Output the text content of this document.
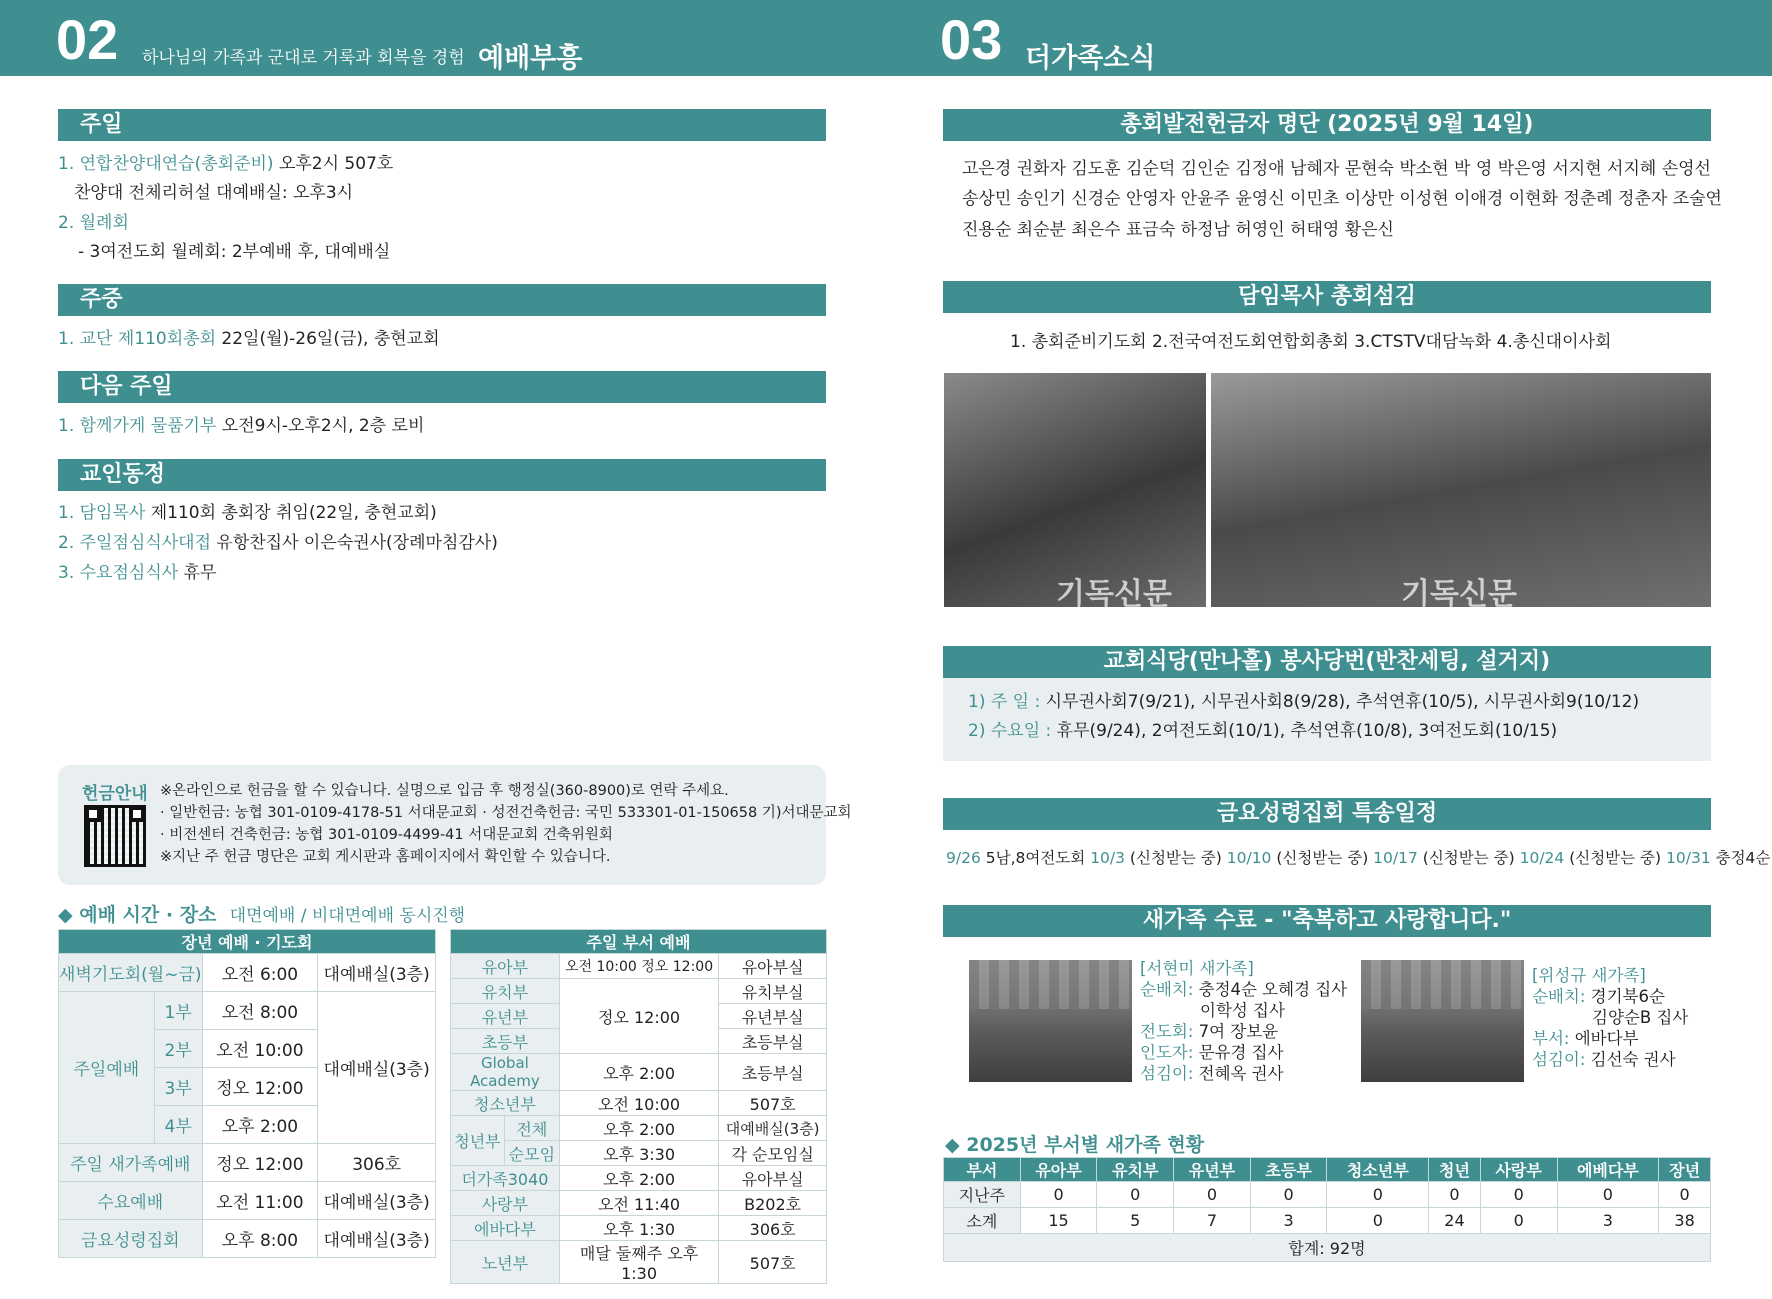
02 하나님의 가족과 군대로 거룩과 회복을 경험 예배부흥	03 더가족소식
주일
1. 연합찬양대연습(총회준비) 오후2시 507호
찬양대 전체리허설 대예배실: 오후3시
2. 월례회
- 3여전도회 월례회: 2부예배 후, 대예배실
주중
1. 교단 제110회총회 22일(월)-26일(금), 충현교회
다음 주일
1. 함께가게 물품기부 오전9시-오후2시, 2층 로비
교인동정
1. 담임목사 제110회 총회장 취임(22일, 충현교회)
2. 주일점심식사대접 유항찬집사 이은숙권사(장례마침감사)
3. 수요점심식사 휴무
헌금안내 ※온라인으로 헌금을 할 수 있습니다. 실명으로 입금 후 행정실(360-8900)로 연락 주세요.
· 일반헌금: 농협 301-0109-4178-51 서대문교회 · 성전건축헌금: 국민 533301-01-150658 기)서대문교회
· 비전센터 건축헌금: 농협 301-0109-4499-41 서대문교회 건축위원회
※지난 주 헌금 명단은 교회 게시판과 홈페이지에서 확인할 수 있습니다.
◆ 예배 시간 · 장소 대면예배 / 비대면예배 동시진행
장년 예배 · 기도회			
새벽기도회(월~금)		오전 6:00	대예배실(3층)
주일예배	1부	오전 8:00	대예배실(3층)
	2부	오전 10:00	
	3부	정오 12:00	
	4부	오후 2:00	
주일 새가족예배		정오 12:00	306호
수요예배		오전 11:00	대예배실(3층)
금요성령집회		오후 8:00	대예배실(3층)
주일 부서 예배			
유아부		오전 10:00 정오 12:00	유아부실
유치부		정오 12:00	유치부실
유년부			유년부실
초등부			초등부실
Global Academy		오후 2:00	초등부실
청소년부		오전 10:00	507호
청년부	전체	오후 2:00	대예배실(3층)
	순모임	오후 3:30	각 순모임실
더가족3040		오후 2:00	유아부실
사랑부		오전 11:40	B202호
에바다부		오후 1:30	306호
노년부		매달 둘째주 오후 1:30	507호
총회발전헌금자 명단 (2025년 9월 14일)
고은경 권화자 김도훈 김순덕 김인순 김정애 남혜자 문현숙 박소현 박 영 박은영 서지현 서지혜 손영선
송상민 송인기 신경순 안영자 안윤주 윤영신 이민초 이상만 이성현 이애경 이현화 정춘례 정춘자 조술연
진용순 최순분 최은수 표금숙 하정남 허영인 허태영 황은신
담임목사 총회섬김
1. 총회준비기도회 2.전국여전도회연합회총회 3.CTSTV대담녹화 4.총신대이사회
기독신문	기독신문
교회식당(만나홀) 봉사당번(반찬세팅, 설거지)
1) 주 일 : 시무권사회7(9/21), 시무권사회8(9/28), 추석연휴(10/5), 시무권사회9(10/12)
2) 수요일 : 휴무(9/24), 2여전도회(10/1), 추석연휴(10/8), 3여전도회(10/15)
금요성령집회 특송일정
9/26 5남,8여전도회 10/3 (신청받는 중) 10/10 (신청받는 중) 10/17 (신청받는 중) 10/24 (신청받는 중) 10/31 충정4순
새가족 수료 - "축복하고 사랑합니다."
[서현미 새가족]
순배치: 충정4순 오혜경 집사
이학성 집사
전도회: 7여 장보윤
인도자: 문유경 집사
섬김이: 전혜옥 권사
[위성규 새가족]
순배치: 경기북6순
김양순B 집사
부서: 에바다부
섬김이: 김선숙 권사
◆ 2025년 부서별 새가족 현황
부서	유아부	유치부	유년부	초등부	청소년부	청년	사랑부	에베다부	장년
지난주	0	0	0	0	0	0	0	0	0
소계	15	5	7	3	0	24	0	3	38
합계: 92명									
